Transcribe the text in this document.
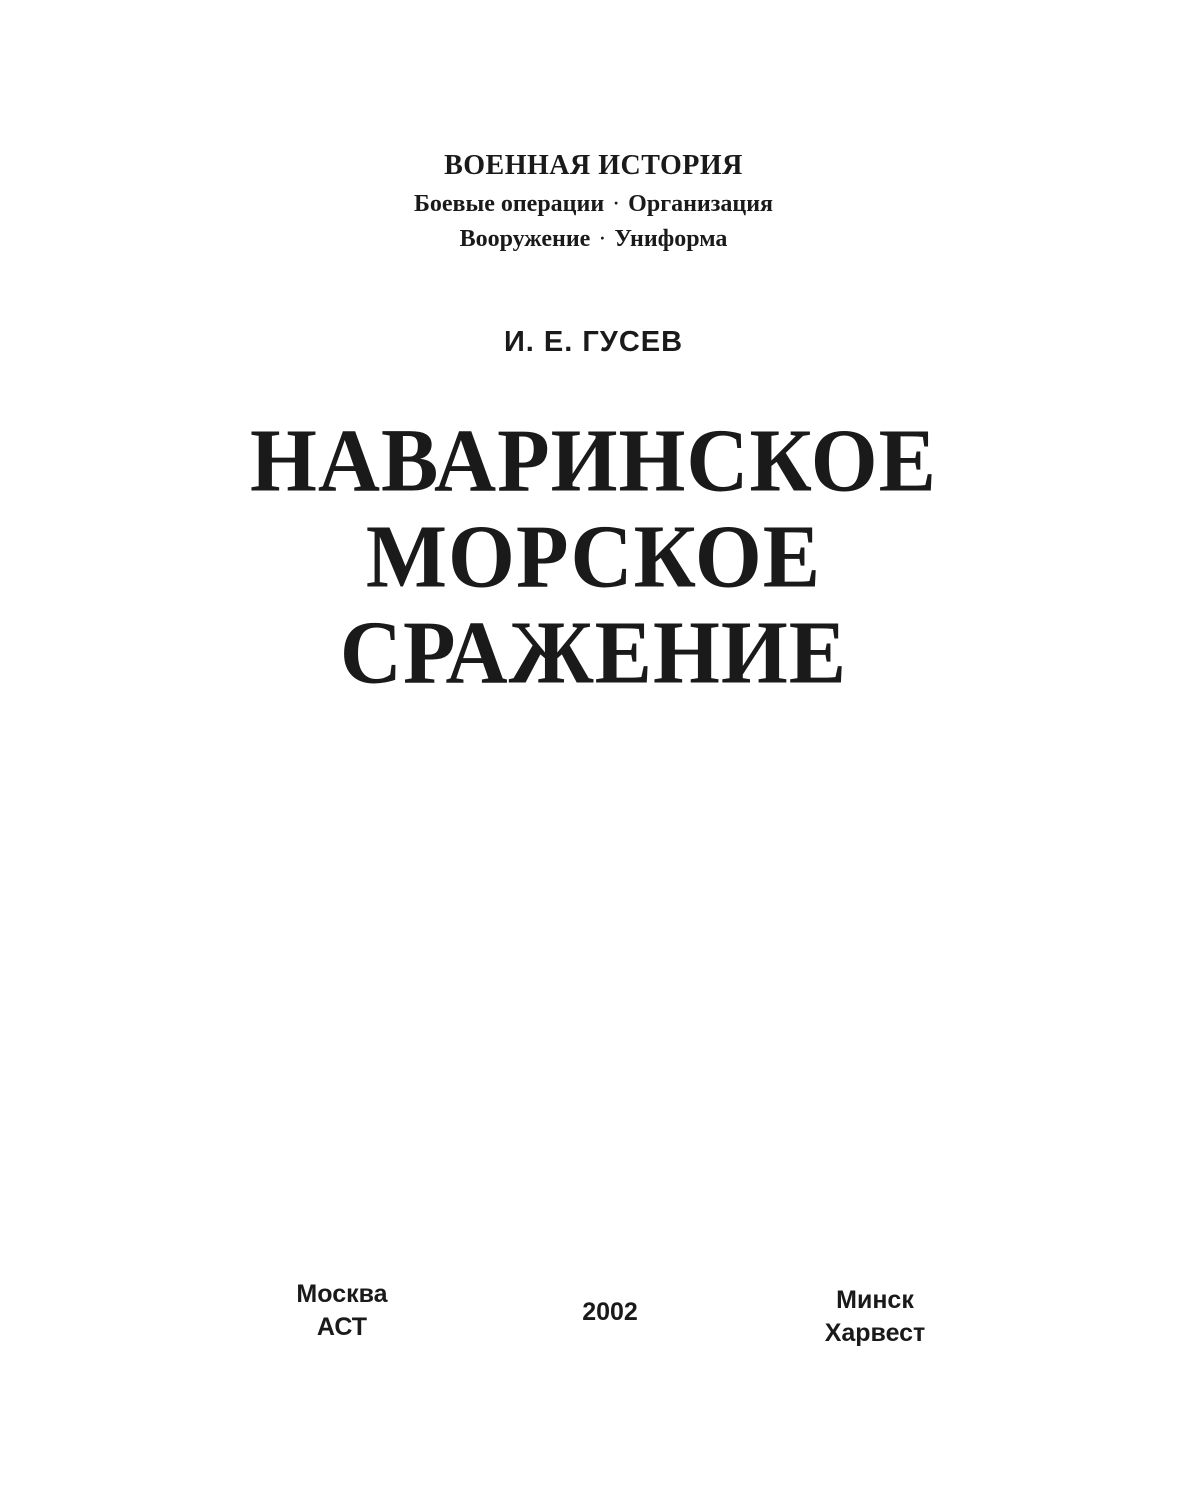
ВОЕННАЯ ИСТОРИЯ
Боевые операции · Организация
Вооружение · Униформа
И. Е. ГУСЕВ
НАВАРИНСКОЕ
МОРСКОЕ
СРАЖЕНИЕ
Москва
АСТ
2002	Минск
Харвест
